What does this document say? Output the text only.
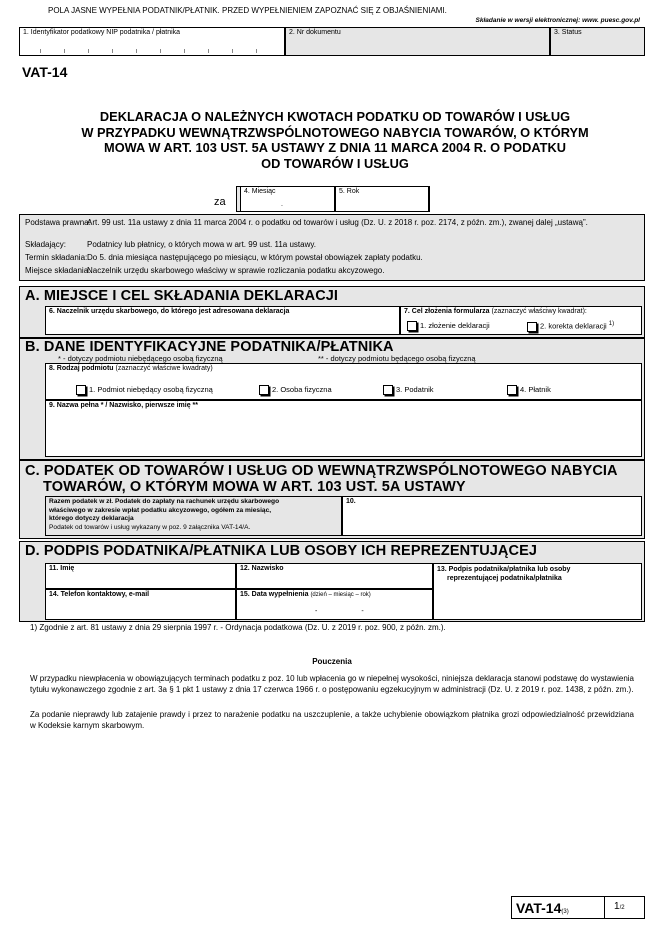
POLA JASNE WYPEŁNIA PODATNIK/PŁATNIK. PRZED WYPEŁNIENIEM ZAPOZNAĆ SIĘ Z OBJAŚNIENIAMI.
Składanie w wersji elektronicznej: www. puesc.gov.pl
1. Identyfikator podatkowy NIP podatnika / płatnika	2. Nr dokumentu	3. Status
VAT-14
DEKLARACJA O NALEŻNYCH KWOTACH PODATKU OD TOWARÓW I USŁUG
W PRZYPADKU WEWNĄTRZWSPÓLNOTOWEGO NABYCIA TOWARÓW, O KTÓRYM
MOWA W ART. 103 UST. 5A USTAWY Z DNIA 11 MARCA 2004 R. O PODATKU
OD TOWARÓW I USŁUG
za
4. Miesiąc
.
5. Rok
Podstawa prawna:
Art. 99 ust. 11a ustawy z dnia 11 marca 2004 r. o podatku od towarów i usług (Dz. U. z 2018 r. poz. 2174, z późn. zm.), zwanej dalej „ustawą”.
Składający:	Podatnicy lub płatnicy, o których mowa w art. 99 ust. 11a ustawy.
Termin składania: Do 5. dnia miesiąca następującego po miesiącu, w którym powstał obowiązek zapłaty podatku.
Miejsce składania:
Naczelnik urzędu skarbowego właściwy w sprawie rozliczania podatku akcyzowego.
A. MIEJSCE I CEL SKŁADANIA DEKLARACJI
6. Naczelnik urzędu skarbowego, do którego jest adresowana deklaracja	7. Cel złożenia formularza (zaznaczyć właściwy kwadrat):
1. złożenie deklaracji	2. korekta deklaracji $^{1)}$
B. DANE IDENTYFIKACYJNE PODATNIKA/PŁATNIKA
* - dotyczy podmiotu niebędącego osobą fizyczną	** - dotyczy podmiotu będącego osobą fizyczną
8. Rodzaj podmiotu (zaznaczyć właściwe kwadraty)
1. Podmiot niebędący osobą fizyczną	2. Osoba fizyczna	3. Podatnik	4. Płatnik
9. Nazwa pełna * / Nazwisko, pierwsze imię **
C. PODATEK OD TOWARÓW I USŁUG OD WEWNĄTRZWSPÓLNOTOWEGO NABYCIA
TOWARÓW, O KTÓRYM MOWA W ART. 103 UST. 5A USTAWY
Razem podatek w zł. Podatek do zapłaty na rachunek urzędu skarbowego
właściwego w zakresie wpłat podatku akcyzowego, ogółem za miesiąc,
którego dotyczy deklaracja
Podatek od towarów i usług wykazany w poz. 9 załącznika VAT-14/A.
10.
D. PODPIS PODATNIKA/PŁATNIKA LUB OSOBY ICH REPREZENTUJĄCEJ
11. Imię	12. Nazwisko	13. Podpis podatnika/płatnika lub osoby
reprezentującej podatnika/płatnika
14. Telefon kontaktowy, e-mail	15. Data wypełnienia (dzień – miesiąc – rok)
--
1) Zgodnie z art. 81 ustawy z dnia 29 sierpnia 1997 r. - Ordynacja podatkowa (Dz. U. z 2019 r. poz. 900, z późn. zm.).
Pouczenia
W przypadku niewpłacenia w obowiązujących terminach podatku z poz. 10 lub wpłacenia go w niepełnej wysokości, niniejsza deklaracja stanowi podstawę do wystawienia tytułu wykonawczego zgodnie z art. 3a § 1 pkt 1 ustawy z dnia 17 czerwca 1966 r. o postępowaniu egzekucyjnym w administracji (Dz. U. z 2019 r. poz. 1438, z późn. zm.).
Za podanie nieprawdy lub zatajenie prawdy i przez to narażenie podatku na uszczuplenie, a także uchybienie obowiązkom płatnika grozi odpowiedzialność przewidziana w Kodeksie karnym skarbowym.
VAT-14(3)	1/2
